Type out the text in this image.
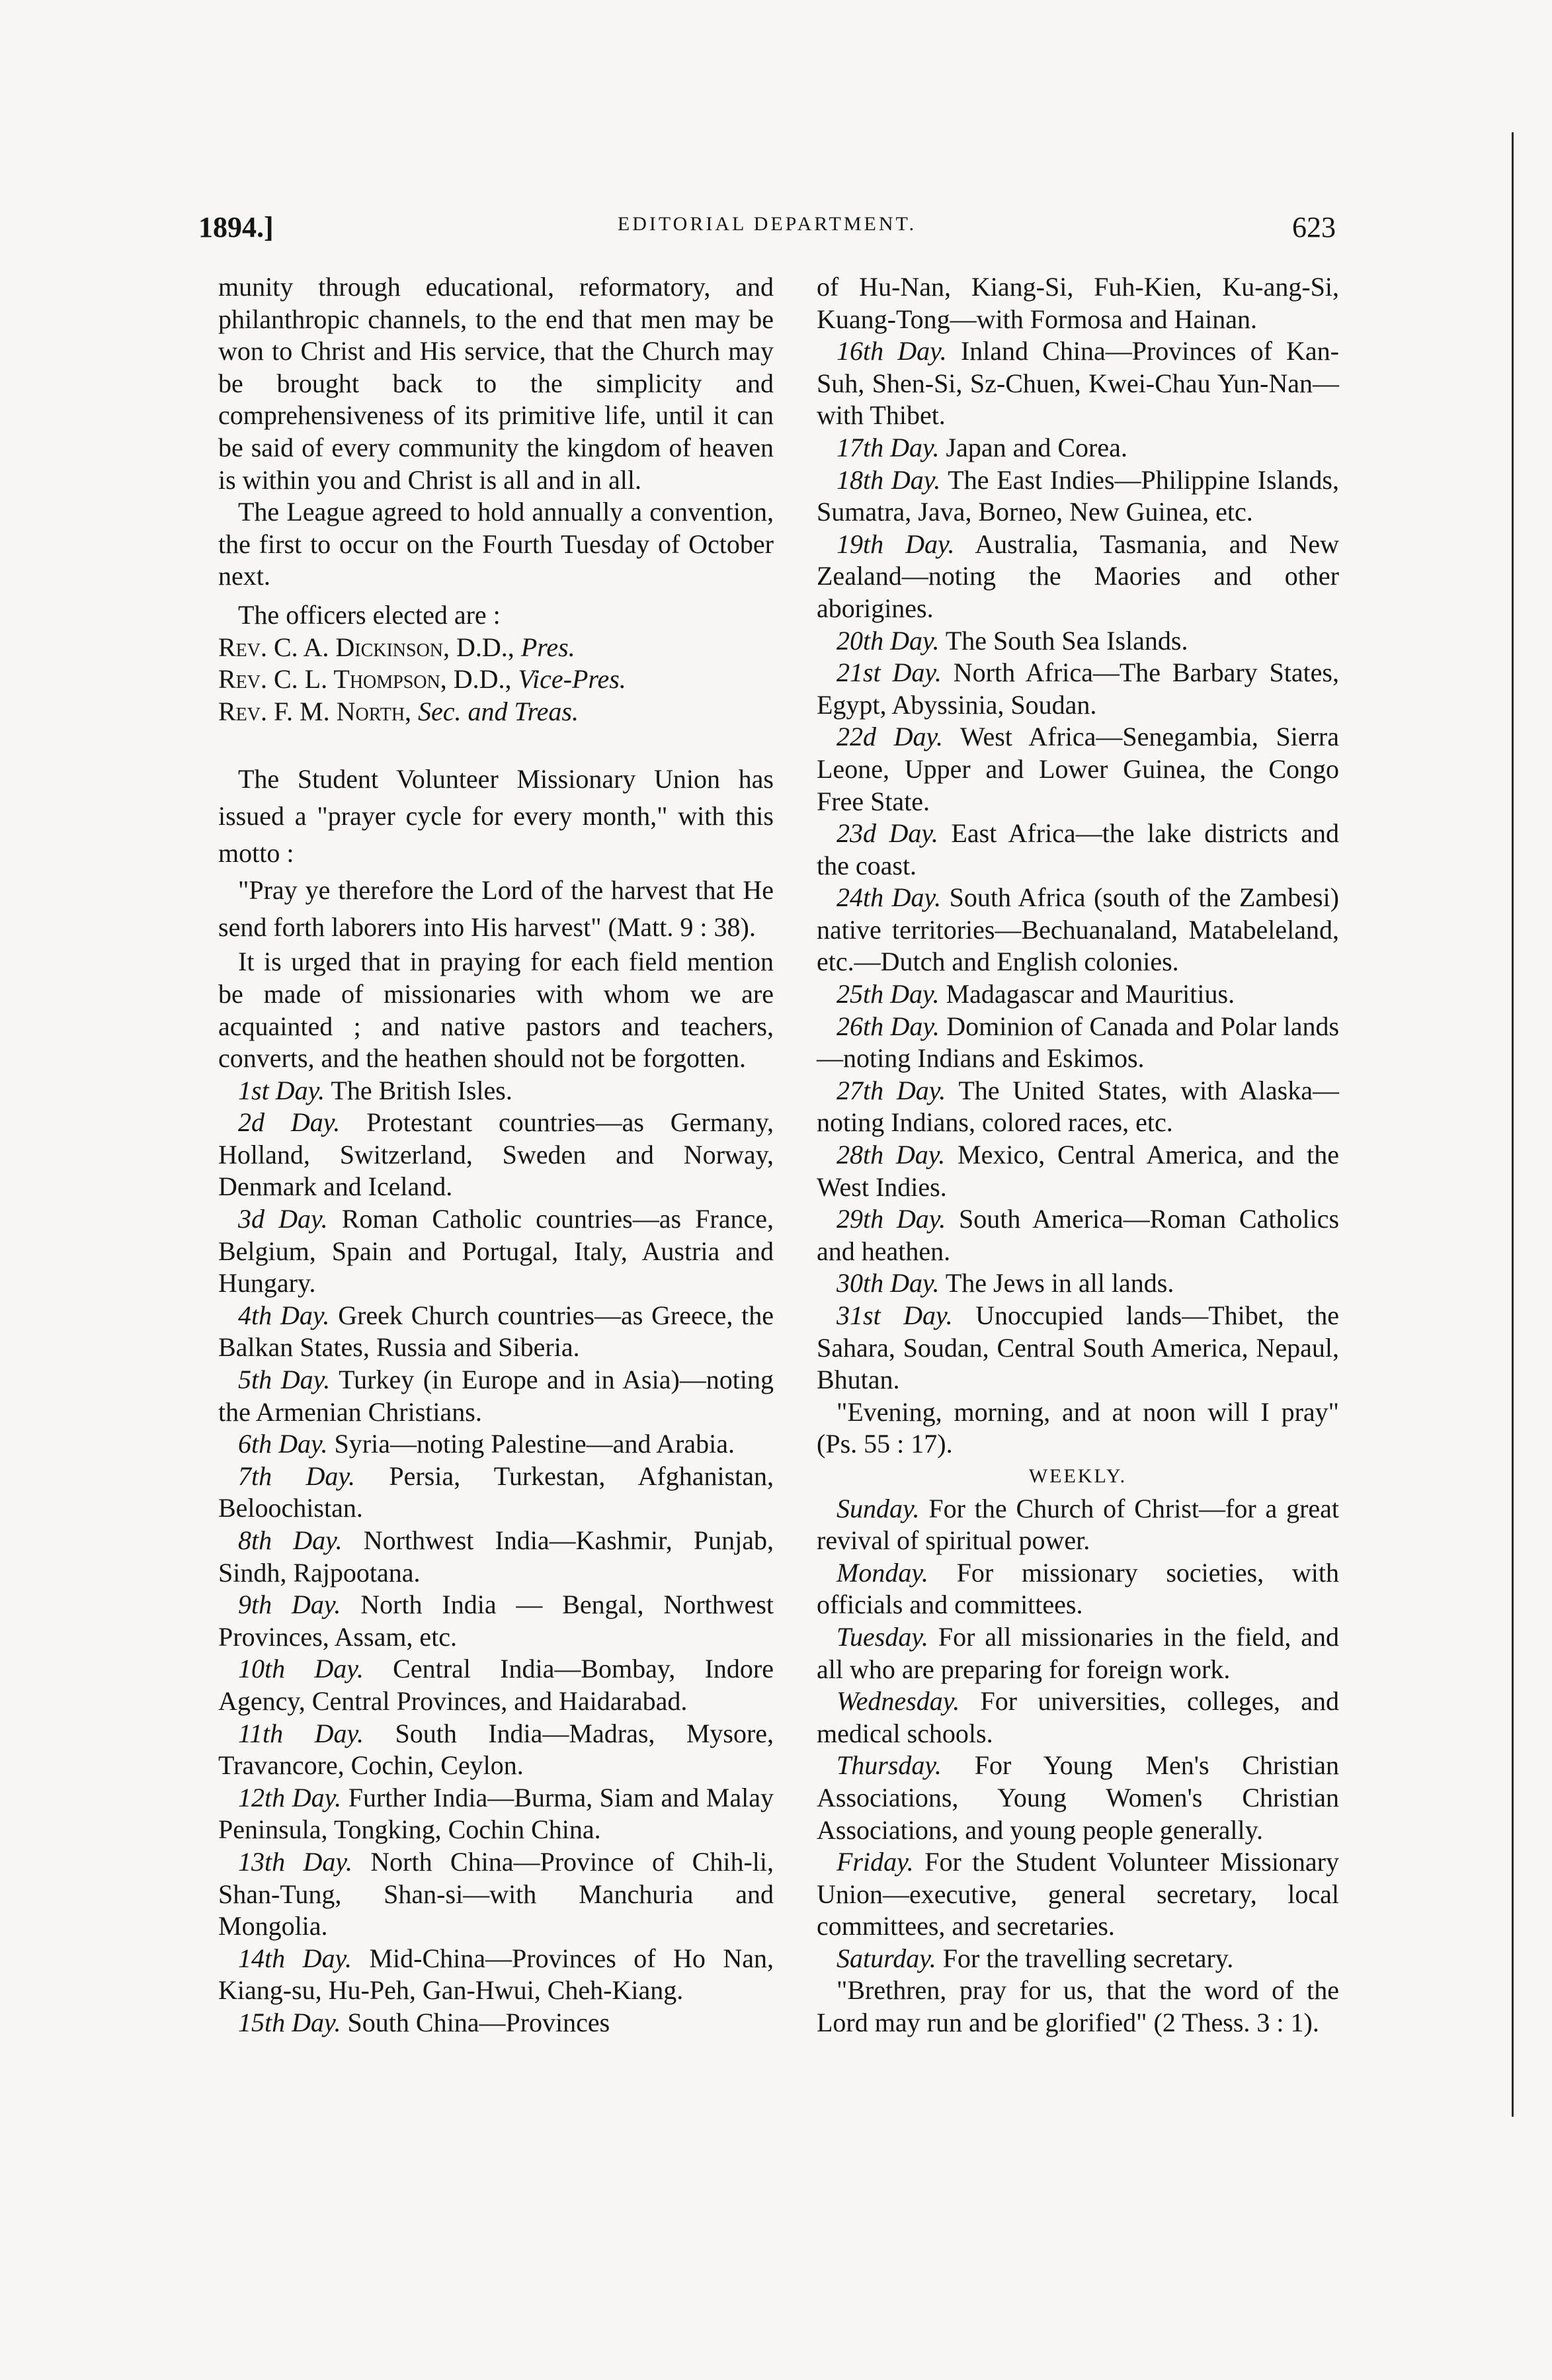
1894.]	EDITORIAL DEPARTMENT.	623

munity through educational, reformatory, and philanthropic channels, to the end that men may be won to Christ and His service, that the Church may be brought back to the simplicity and comprehensiveness of its primitive life, until it can be said of every community the kingdom of heaven is within you and Christ is all and in all.

The League agreed to hold annually a convention, the first to occur on the Fourth Tuesday of October next.

The officers elected are :

Rev. C. A. Dickinson, D.D., Pres.

Rev. C. L. Thompson, D.D., Vice-Pres.

Rev. F. M. North, Sec. and Treas.

The Student Volunteer Missionary Union has issued a "prayer cycle for every month," with this motto :

"Pray ye therefore the Lord of the harvest that He send forth laborers into His harvest" (Matt. 9 : 38).

It is urged that in praying for each field mention be made of missionaries with whom we are acquainted ; and native pastors and teachers, converts, and the heathen should not be forgotten.

1st Day. The British Isles.

2d Day. Protestant countries—as Germany, Holland, Switzerland, Sweden and Norway, Denmark and Iceland.

3d Day. Roman Catholic countries—as France, Belgium, Spain and Portugal, Italy, Austria and Hungary.

4th Day. Greek Church countries—as Greece, the Balkan States, Russia and Siberia.

5th Day. Turkey (in Europe and in Asia)—noting the Armenian Christians.

6th Day. Syria—noting Palestine—and Arabia.

7th Day. Persia, Turkestan, Afghanistan, Beloochistan.

8th Day. Northwest India—Kashmir, Punjab, Sindh, Rajpootana.

9th Day. North India — Bengal, Northwest Provinces, Assam, etc.

10th Day. Central India—Bombay, Indore Agency, Central Provinces, and Haidarabad.

11th Day. South India—Madras, Mysore, Travancore, Cochin, Ceylon.

12th Day. Further India—Burma, Siam and Malay Peninsula, Tongking, Cochin China.

13th Day. North China—Province of Chih-li, Shan-Tung, Shan-si—with Manchuria and Mongolia.

14th Day. Mid-China—Provinces of Ho Nan, Kiang-su, Hu-Peh, Gan-Hwui, Cheh-Kiang.

15th Day. South China—Provinces

of Hu-Nan, Kiang-Si, Fuh-Kien, Ku-ang-Si, Kuang-Tong—with Formosa and Hainan.

16th Day. Inland China—Provinces of Kan-Suh, Shen-Si, Sz-Chuen, Kwei-Chau Yun-Nan—with Thibet.

17th Day. Japan and Corea.

18th Day. The East Indies—Philippine Islands, Sumatra, Java, Borneo, New Guinea, etc.

19th Day. Australia, Tasmania, and New Zealand—noting the Maories and other aborigines.

20th Day. The South Sea Islands.

21st Day. North Africa—The Barbary States, Egypt, Abyssinia, Soudan.

22d Day. West Africa—Senegambia, Sierra Leone, Upper and Lower Guinea, the Congo Free State.

23d Day. East Africa—the lake districts and the coast.

24th Day. South Africa (south of the Zambesi) native territories—Bechuanaland, Matabeleland, etc.—Dutch and English colonies.

25th Day. Madagascar and Mauritius.

26th Day. Dominion of Canada and Polar lands—noting Indians and Eskimos.

27th Day. The United States, with Alaska—noting Indians, colored races, etc.

28th Day. Mexico, Central America, and the West Indies.

29th Day. South America—Roman Catholics and heathen.

30th Day. The Jews in all lands.

31st Day. Unoccupied lands—Thibet, the Sahara, Soudan, Central South America, Nepaul, Bhutan.

"Evening, morning, and at noon will I pray" (Ps. 55 : 17).

WEEKLY.

Sunday. For the Church of Christ—for a great revival of spiritual power.

Monday. For missionary societies, with officials and committees.

Tuesday. For all missionaries in the field, and all who are preparing for foreign work.

Wednesday. For universities, colleges, and medical schools.

Thursday. For Young Men's Christian Associations, Young Women's Christian Associations, and young people generally.

Friday. For the Student Volunteer Missionary Union—executive, general secretary, local committees, and secretaries.

Saturday. For the travelling secretary.

"Brethren, pray for us, that the word of the Lord may run and be glorified" (2 Thess. 3 : 1).
